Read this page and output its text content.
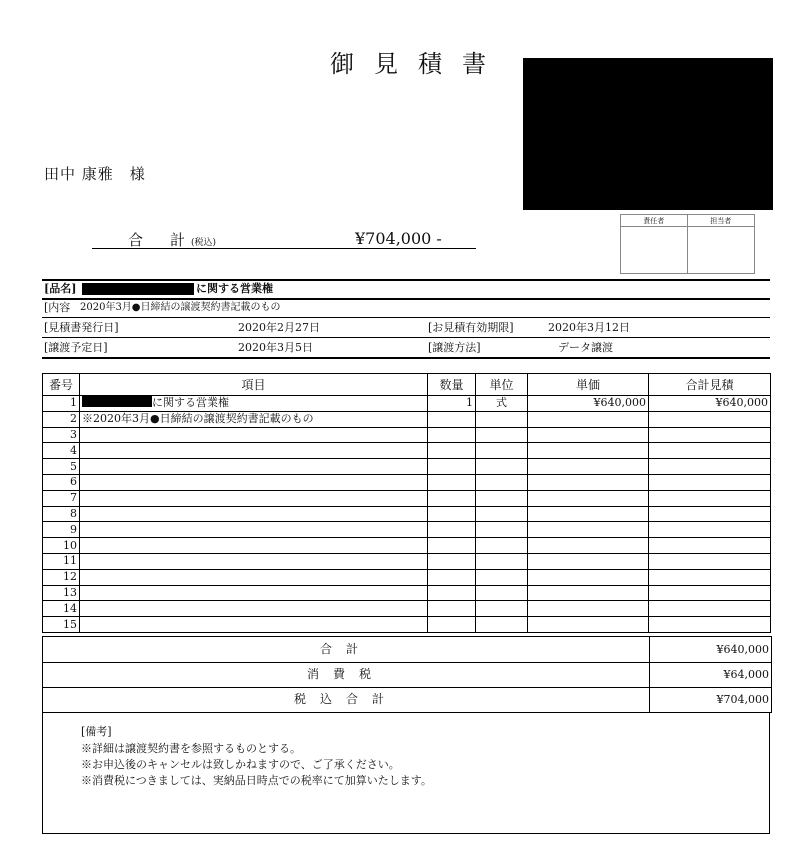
御見積書
田中 康雅　様
合　計(税込)	¥704,000 -
責任者	担当者
[品名]	に関する営業権
[内容 2020年3月●日締結の譲渡契約書記載のもの
[見積書発行日]	2020年2月27日	[お見積有効期限]	2020年3月12日
[譲渡予定日]	2020年3月5日	[譲渡方法]	データ譲渡
番号	項目	数量	単位	単価	合計見積
1	に関する営業権	1	式	¥640,000	¥640,000
2	※2020年3月●日締結の譲渡契約書記載のもの				
3					
4					
5					
6					
7					
8					
9					
10					
11					
12					
13					
14					
15					
合計	¥640,000
消費税	¥64,000
税込合計	¥704,000
[備考]
※詳細は譲渡契約書を参照するものとする。
※お申込後のキャンセルは致しかねますので、ご了承ください。
※消費税につきましては、実納品日時点での税率にて加算いたします。
